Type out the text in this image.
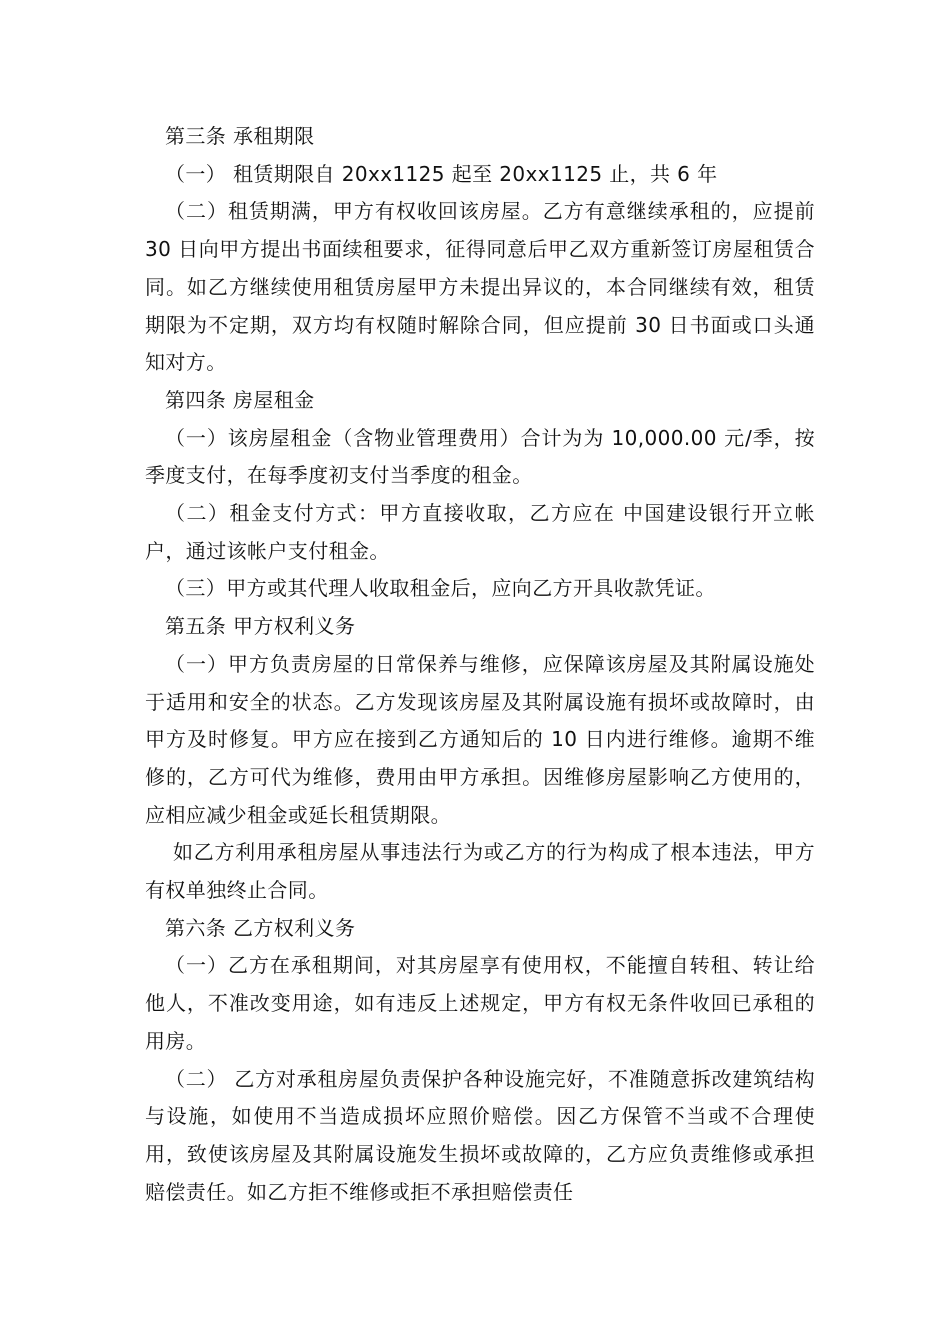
第三条 承租期限

（一） 租赁期限自 20xx1125 起至 20xx1125 止，共 6 年

（二）租赁期满，甲方有权收回该房屋。乙方有意继续承租的，应提前 30 日向甲方提出书面续租要求，征得同意后甲乙双方重新签订房屋租赁合同。如乙方继续使用租赁房屋甲方未提出异议的，本合同继续有效，租赁期限为不定期，双方均有权随时解除合同，但应提前 30 日书面或口头通知对方。

第四条 房屋租金

（一）该房屋租金（含物业管理费用）合计为为 10,000.00 元/季，按季度支付，在每季度初支付当季度的租金。

（二）租金支付方式：甲方直接收取，乙方应在 中国建设银行开立帐户，通过该帐户支付租金。

（三）甲方或其代理人收取租金后，应向乙方开具收款凭证。

第五条 甲方权利义务

（一）甲方负责房屋的日常保养与维修，应保障该房屋及其附属设施处于适用和安全的状态。乙方发现该房屋及其附属设施有损坏或故障时，由甲方及时修复。甲方应在接到乙方通知后的 10 日内进行维修。逾期不维修的，乙方可代为维修，费用由甲方承担。因维修房屋影响乙方使用的，应相应减少租金或延长租赁期限。

如乙方利用承租房屋从事违法行为或乙方的行为构成了根本违法，甲方有权单独终止合同。

第六条 乙方权利义务

（一）乙方在承租期间，对其房屋享有使用权，不能擅自转租、转让给他人，不准改变用途，如有违反上述规定，甲方有权无条件收回已承租的用房。

（二） 乙方对承租房屋负责保护各种设施完好，不准随意拆改建筑结构与设施，如使用不当造成损坏应照价赔偿。因乙方保管不当或不合理使用，致使该房屋及其附属设施发生损坏或故障的，乙方应负责维修或承担赔偿责任。如乙方拒不维修或拒不承担赔偿责任
